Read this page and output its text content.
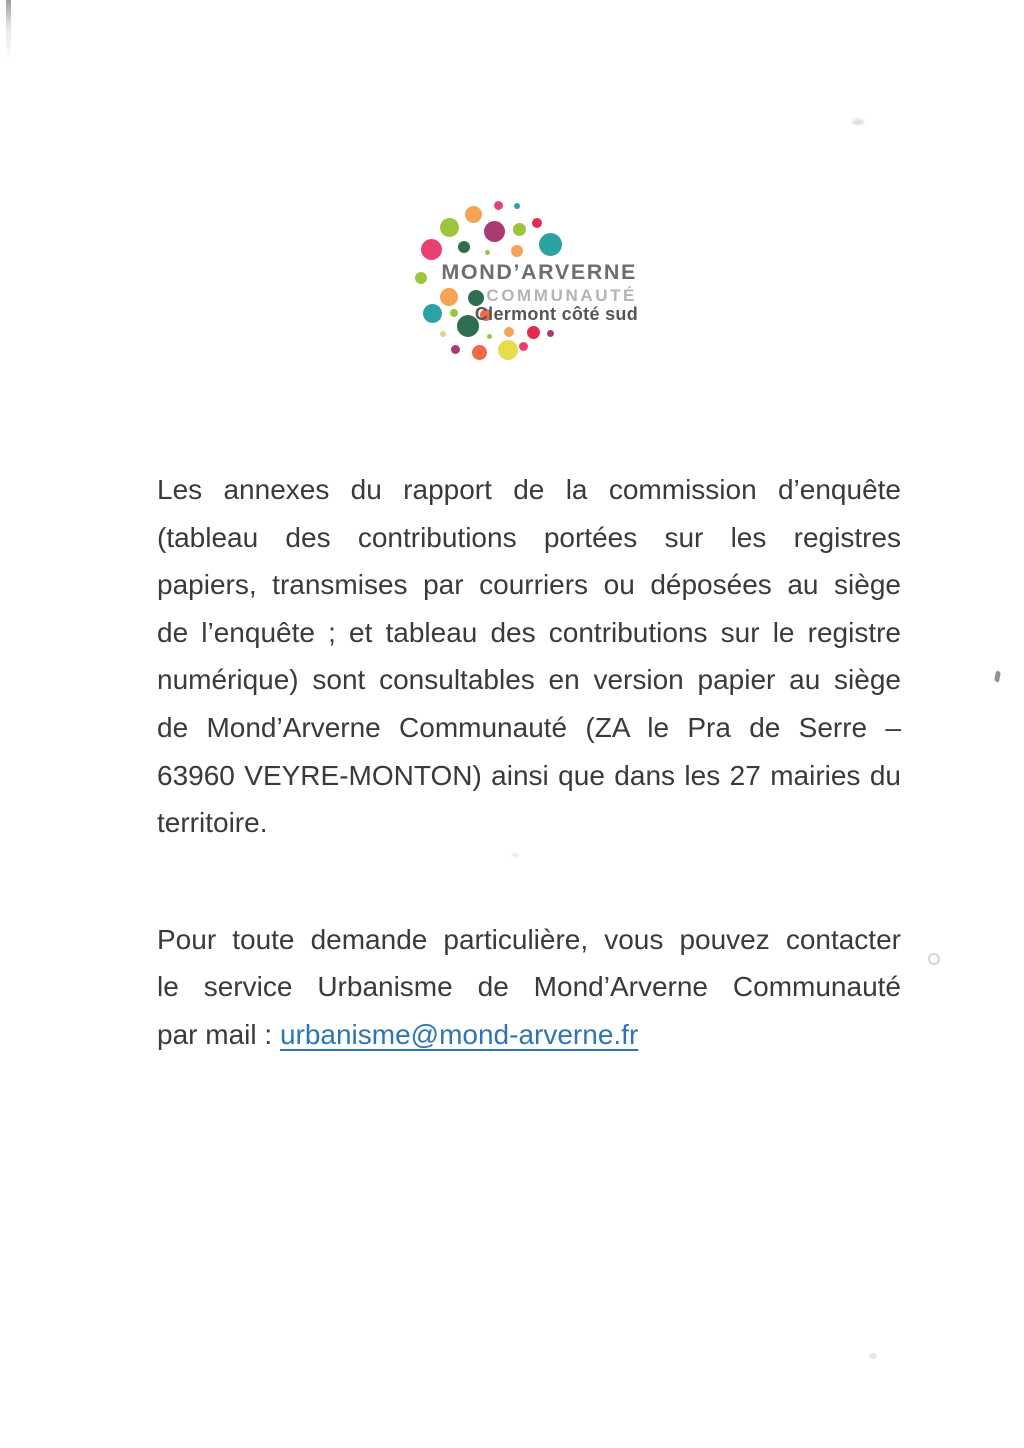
MOND’ARVERNE
COMMUNAUTÉ
Clermont côté sud

Les annexes du rapport de la commission d’enquête
(tableau des contributions portées sur les registres
papiers, transmises par courriers ou déposées au siège
de l’enquête ; et tableau des contributions sur le registre
numérique) sont consultables en version papier au siège
de Mond’Arverne Communauté (ZA le Pra de Serre –
63960 VEYRE-MONTON) ainsi que dans les 27 mairies du
territoire.

Pour toute demande particulière, vous pouvez contacter
le service Urbanisme de Mond’Arverne Communauté
par mail : urbanisme@mond-arverne.fr
